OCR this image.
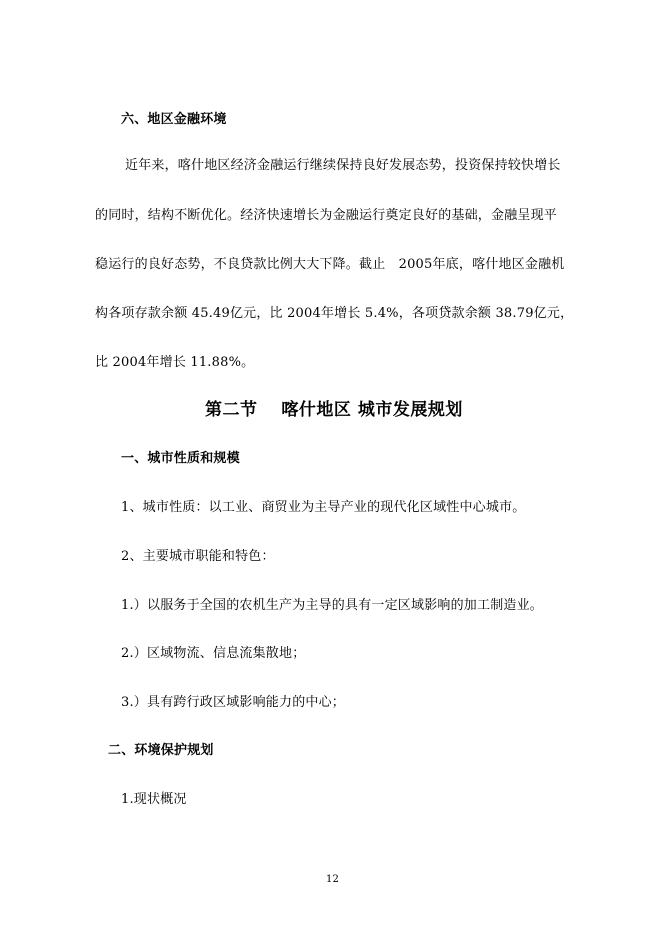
六、地区金融环境
近年来，喀什地区经济金融运行继续保持良好发展态势，投资保持较快增长
的同时，结构不断优化。经济快速增长为金融运行奠定良好的基础，金融呈现平
稳运行的良好态势，不良贷款比例大大下降。截止　2005年底，喀什地区金融机
构各项存款余额 45.49亿元，比 2004年增长 5.4%，各项贷款余额 38.79亿元，
比 2004年增长 11.88%。
第二节　 喀什地区 城市发展规划
一、城市性质和规模
1、城市性质：以工业、商贸业为主导产业的现代化区域性中心城市。
2、主要城市职能和特色：
1.）以服务于全国的农机生产为主导的具有一定区域影响的加工制造业。
2.）区域物流、信息流集散地；
3.）具有跨行政区域影响能力的中心；
二、环境保护规划
1.现状概况
12
